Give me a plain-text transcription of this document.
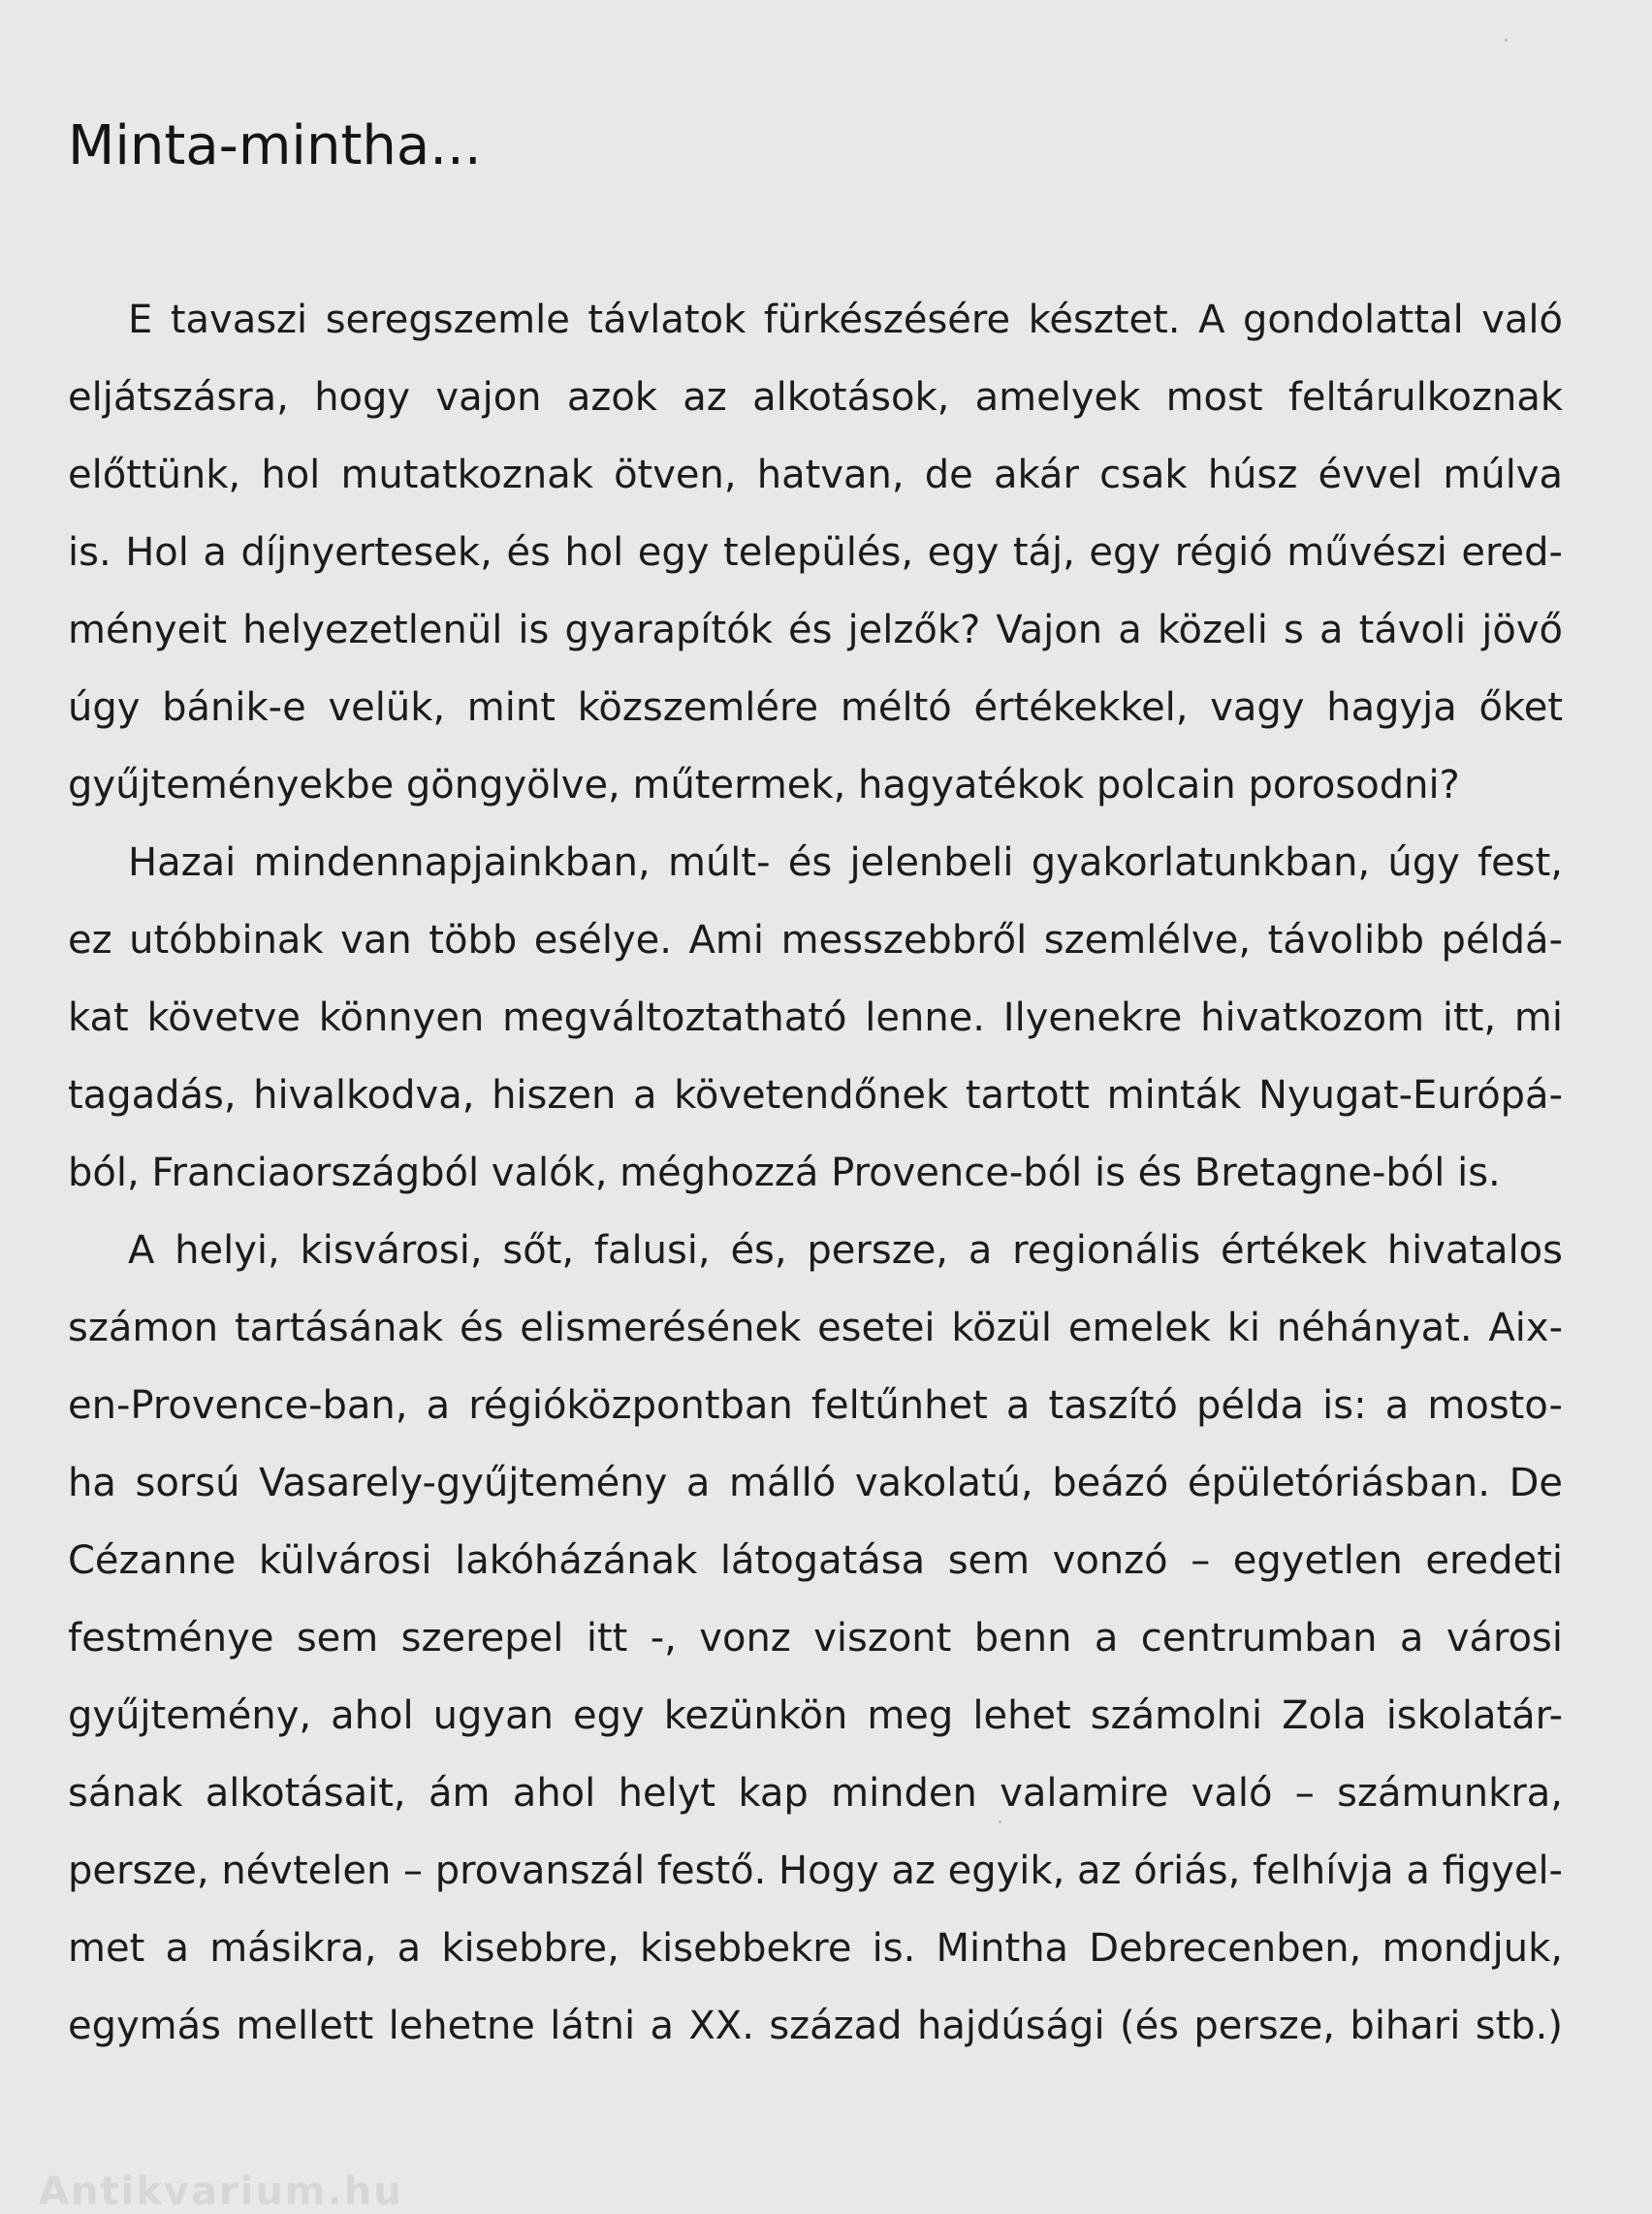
Minta-mintha...
E tavaszi seregszemle távlatok fürkészésére késztet. A gondolattal való
eljátszásra, hogy vajon azok az alkotások, amelyek most feltárulkoznak
előttünk, hol mutatkoznak ötven, hatvan, de akár csak húsz évvel múlva
is. Hol a díjnyertesek, és hol egy település, egy táj, egy régió művészi ered-
ményeit helyezetlenül is gyarapítók és jelzők? Vajon a közeli s a távoli jövő
úgy bánik-e velük, mint közszemlére méltó értékekkel, vagy hagyja őket
gyűjteményekbe göngyölve, műtermek, hagyatékok polcain porosodni?
Hazai mindennapjainkban, múlt- és jelenbeli gyakorlatunkban, úgy fest,
ez utóbbinak van több esélye. Ami messzebbről szemlélve, távolibb példá-
kat követve könnyen megváltoztatható lenne. Ilyenekre hivatkozom itt, mi
tagadás, hivalkodva, hiszen a követendőnek tartott minták Nyugat-Európá-
ból, Franciaországból valók, méghozzá Provence-ból is és Bretagne-ból is.
A helyi, kisvárosi, sőt, falusi, és, persze, a regionális értékek hivatalos
számon tartásának és elismerésének esetei közül emelek ki néhányat. Aix-
en-Provence-ban, a régióközpontban feltűnhet a taszító példa is: a mosto-
ha sorsú Vasarely-gyűjtemény a málló vakolatú, beázó épületóriásban. De
Cézanne külvárosi lakóházának látogatása sem vonzó – egyetlen eredeti
festménye sem szerepel itt -, vonz viszont benn a centrumban a városi
gyűjtemény, ahol ugyan egy kezünkön meg lehet számolni Zola iskolatár-
sának alkotásait, ám ahol helyt kap minden valamire való – számunkra,
persze, névtelen – provanszál festő. Hogy az egyik, az óriás, felhívja a figyel-
met a másikra, a kisebbre, kisebbekre is. Mintha Debrecenben, mondjuk,
egymás mellett lehetne látni a XX. század hajdúsági (és persze, bihari stb.)
Antikvarium.hu
